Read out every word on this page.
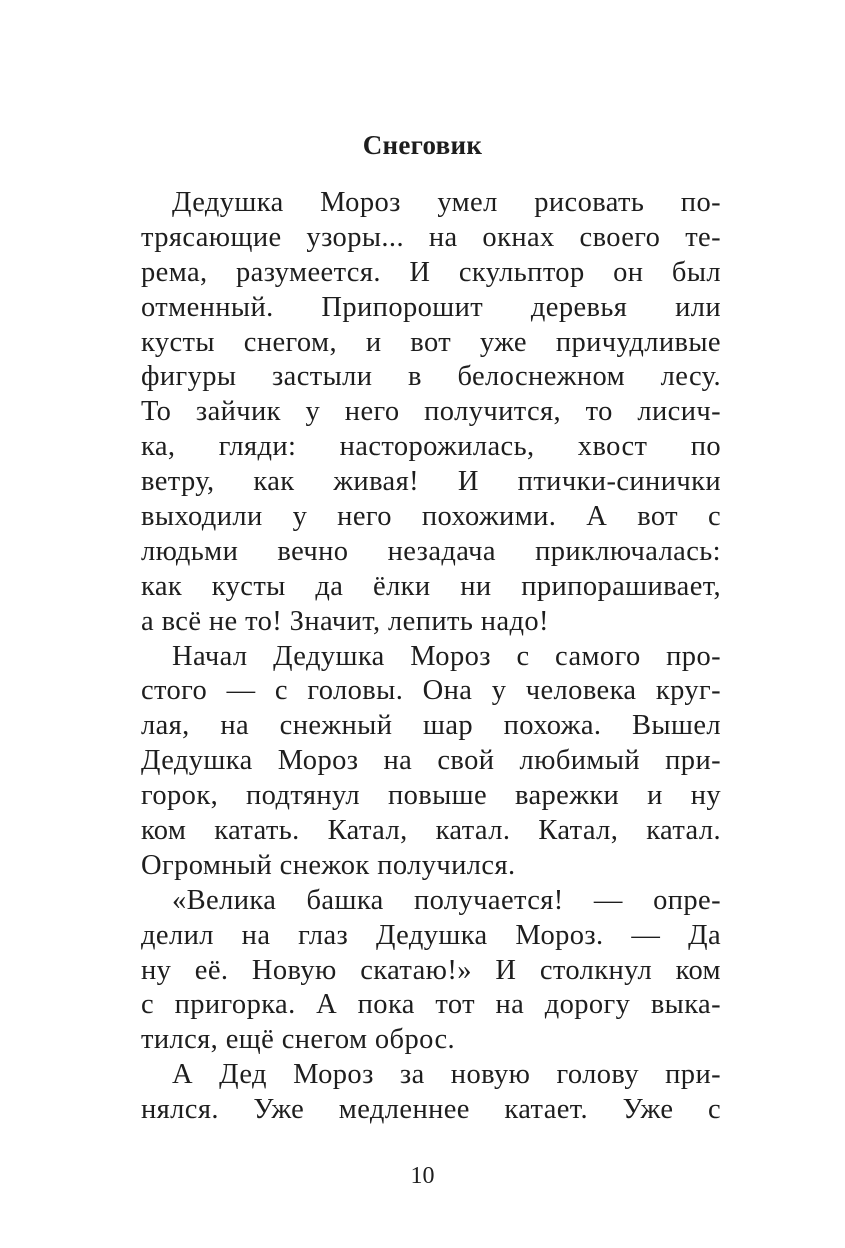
Снеговик
Дедушка Мороз умел рисовать по-
трясающие узоры... на окнах своего те-
рема, разумеется. И скульптор он был
отменный. Припорошит деревья или
кусты снегом, и вот уже причудливые
фигуры застыли в белоснежном лесу.
То зайчик у него получится, то лисич-
ка, гляди: насторожилась, хвост по
ветру, как живая! И птички-синички
выходили у него похожими. А вот с
людьми вечно незадача приключалась:
как кусты да ёлки ни припорашивает,
а всё не то! Значит, лепить надо!
Начал Дедушка Мороз с самого про-
стого — с головы. Она у человека круг-
лая, на снежный шар похожа. Вышел
Дедушка Мороз на свой любимый при-
горок, подтянул повыше варежки и ну
ком катать. Катал, катал. Катал, катал.
Огромный снежок получился.
«Велика башка получается! — опре-
делил на глаз Дедушка Мороз. — Да
ну её. Новую скатаю!» И столкнул ком
с пригорка. А пока тот на дорогу выка-
тился, ещё снегом оброс.
А Дед Мороз за новую голову при-
нялся. Уже медленнее катает. Уже с
10
